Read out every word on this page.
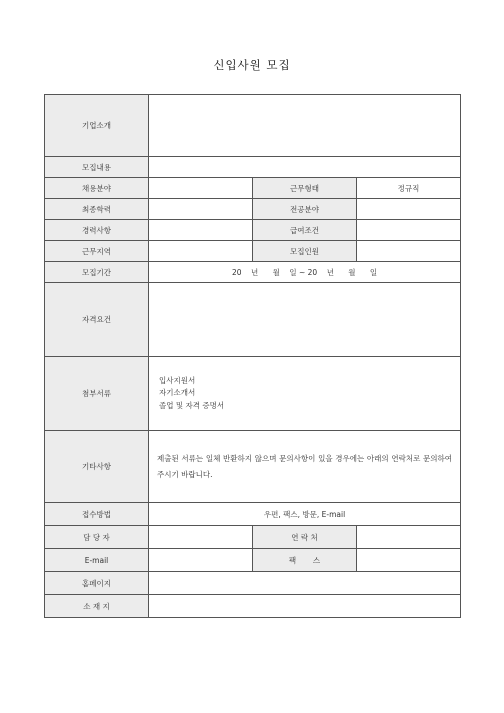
신입사원 모집
기업소개			
모집내용			
채용분야		근무형태	정규직
최종학력		전공분야	
경력사항		급여조건	
근무지역		모집인원	
모집기간	20    년      월    일 ~ 20    년      월      일		
자격요건			
첨부서류	입사지원서
자기소개서
졸업 및 자격 증명서		

기타사항	제출된 서류는 일체 반환하지 않으며 문의사항이 있을 경우에는 아래의 연락처로 문의하여 주시기 바랍니다.		

접수방법	우편, 팩스, 방문, E-mail		
담 당 자		연 락 처	
E-mail		팩       스	
홈페이지			
소 재 지			
